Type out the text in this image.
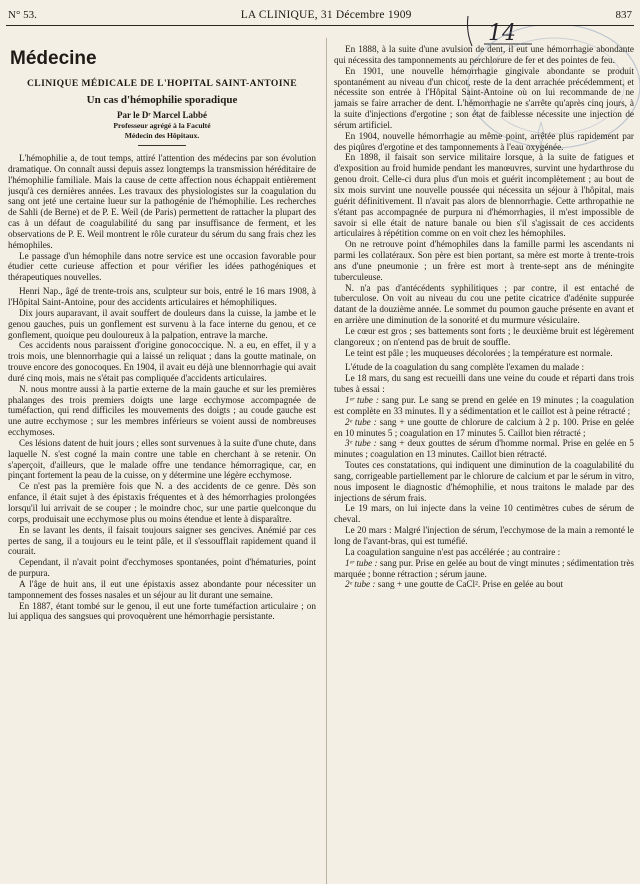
N° 53.	LA CLINIQUE, 31 Décembre 1909	837
14
Médecine
CLINIQUE MÉDICALE DE L'HOPITAL SAINT-ANTOINE
Un cas d'hémophilie sporadique
Par le Dʳ Marcel Labbé
Professeur agrégé à la Faculté
Médecin des Hôpitaux.

L'hémophilie a, de tout temps, attiré l'attention des médecins par son évolution dramatique. On connaît aussi depuis assez longtemps la transmission héréditaire de l'hémophilie familiale. Mais la cause de cette affection nous échappait entièrement jusqu'à ces dernières années. Les travaux des physiologistes sur la coagulation du sang ont jeté une certaine lueur sur la pathogénie de l'hémophilie. Les recherches de Sahli (de Berne) et de P. E. Weil (de Paris) permettent de rattacher la plupart des cas à un défaut de coagulabilité du sang par insuffisance de ferment, et les observations de P. E. Weil montrent le rôle curateur du sérum du sang frais chez les hémophiles.

Le passage d'un hémophile dans notre service est une occasion favorable pour étudier cette curieuse affection et pour vérifier les idées pathogéniques et thérapeutiques nouvelles.

Henri Nap., âgé de trente-trois ans, sculpteur sur bois, entré le 16 mars 1908, à l'Hôpital Saint-Antoine, pour des accidents articulaires et hémophiliques.

Dix jours auparavant, il avait souffert de douleurs dans la cuisse, la jambe et le genou gauches, puis un gonflement est survenu à la face interne du genou, et ce gonflement, quoique peu douloureux à la palpation, entrave la marche.

Ces accidents nous paraissent d'origine gonococcique. N. a eu, en effet, il y a trois mois, une blennorrhagie qui a laissé un reliquat ; dans la goutte matinale, on trouve encore des gonocoques. En 1904, il avait eu déjà une blennorrhagie qui avait duré cinq mois, mais ne s'était pas compliquée d'accidents articulaires.

N. nous montre aussi à la partie externe de la main gauche et sur les premières phalanges des trois premiers doigts une large ecchymose accompagnée de tuméfaction, qui rend difficiles les mouvements des doigts ; au coude gauche est une autre ecchymose ; sur les membres inférieurs se voient aussi de nombreuses ecchymoses.

Ces lésions datent de huit jours ; elles sont survenues à la suite d'une chute, dans laquelle N. s'est cogné la main contre une table en cherchant à se retenir. On s'aperçoit, d'ailleurs, que le malade offre une tendance hémorragique, car, en pinçant fortement la peau de la cuisse, on y détermine une légère ecchymose.

Ce n'est pas la première fois que N. a des accidents de ce genre. Dès son enfance, il était sujet à des épistaxis fréquentes et à des hémorrhagies prolongées lorsqu'il lui arrivait de se couper ; le moindre choc, sur une partie quelconque du corps, produisait une ecchymose plus ou moins étendue et lente à disparaître.

En se lavant les dents, il faisait toujours saigner ses gencives. Anémié par ces pertes de sang, il a toujours eu le teint pâle, et il s'essoufflait rapidement quand il courait.

Cependant, il n'avait point d'ecchymoses spontanées, point d'hématuries, point de purpura.

A l'âge de huit ans, il eut une épistaxis assez abondante pour nécessiter un tamponnement des fosses nasales et un séjour au lit durant une semaine.

En 1887, étant tombé sur le genou, il eut une forte tuméfaction articulaire ; on lui appliqua des sangsues qui provoquèrent une hémorrhagie persistante.

En 1888, à la suite d'une avulsion de dent, il eut une hémorrhagie abondante qui nécessita des tamponnements au perchlorure de fer et des pointes de feu.

En 1901, une nouvelle hémorrhagie gingivale abondante se produit spontanément au niveau d'un chicot, reste de la dent arrachée précédemment, et nécessite son entrée à l'Hôpital Saint-Antoine où on lui recommande de ne jamais se faire arracher de dent. L'hémorrhagie ne s'arrête qu'après cinq jours, à la suite d'injections d'ergotine ; son état de faiblesse nécessite une injection de sérum artificiel.

En 1904, nouvelle hémorrhagie au même point, arrêtée plus rapidement par des piqûres d'ergotine et des tamponnements à l'eau oxygénée.

En 1898, il faisait son service militaire lorsque, à la suite de fatigues et d'exposition au froid humide pendant les manœuvres, survint une hydarthrose du genou droit. Celle-ci dura plus d'un mois et guérit incomplètement ; au bout de six mois survint une nouvelle poussée qui nécessita un séjour à l'hôpital, mais guérit définitivement. Il n'avait pas alors de blennorrhagie. Cette arthropathie ne s'étant pas accompagnée de purpura ni d'hémorrhagies, il m'est impossible de savoir si elle était de nature banale ou bien s'il s'agissait de ces accidents articulaires à répétition comme on en voit chez les hémophiles.

On ne retrouve point d'hémophiles dans la famille parmi les ascendants ni parmi les collatéraux. Son père est bien portant, sa mère est morte à trente-trois ans d'une pneumonie ; un frère est mort à trente-sept ans de méningite tuberculeuse.

N. n'a pas d'antécédents syphilitiques ; par contre, il est entaché de tuberculose. On voit au niveau du cou une petite cicatrice d'adénite suppurée datant de la douzième année. Le sommet du poumon gauche présente en avant et en arrière une diminution de la sonorité et du murmure vésiculaire.

Le cœur est gros ; ses battements sont forts ; le deuxième bruit est légèrement clangoreux ; on n'entend pas de bruit de souffle.

Le teint est pâle ; les muqueuses décolorées ; la température est normale.

L'étude de la coagulation du sang complète l'examen du malade :

Le 18 mars, du sang est recueilli dans une veine du coude et réparti dans trois tubes à essai :

1ᵉʳ tube : sang pur. Le sang se prend en gelée en 19 minutes ; la coagulation est complète en 33 minutes. Il y a sédimentation et le caillot est à peine rétracté ;

2ᵉ tube : sang + une goutte de chlorure de calcium à 2 p. 100. Prise en gelée en 10 minutes 5 ; coagulation en 17 minutes 5. Caillot bien rétracté ;

3ᵉ tube : sang + deux gouttes de sérum d'homme normal. Prise en gelée en 5 minutes ; coagulation en 13 minutes. Caillot bien rétracté.

Toutes ces constatations, qui indiquent une diminution de la coagulabilité du sang, corrigeable partiellement par le chlorure de calcium et par le sérum in vitro, nous imposent le diagnostic d'hémophilie, et nous traitons le malade par des injections de sérum frais.

Le 19 mars, on lui injecte dans la veine 10 centimètres cubes de sérum de cheval.

Le 20 mars : Malgré l'injection de sérum, l'ecchymose de la main a remonté le long de l'avant-bras, qui est tuméfié.

La coagulation sanguine n'est pas accélérée ; au contraire :

1ᵉʳ tube : sang pur. Prise en gelée au bout de vingt minutes ; sédimentation très marquée ; bonne rétraction ; sérum jaune.

2ᵉ tube : sang + une goutte de CaCl². Prise en gelée au bout
